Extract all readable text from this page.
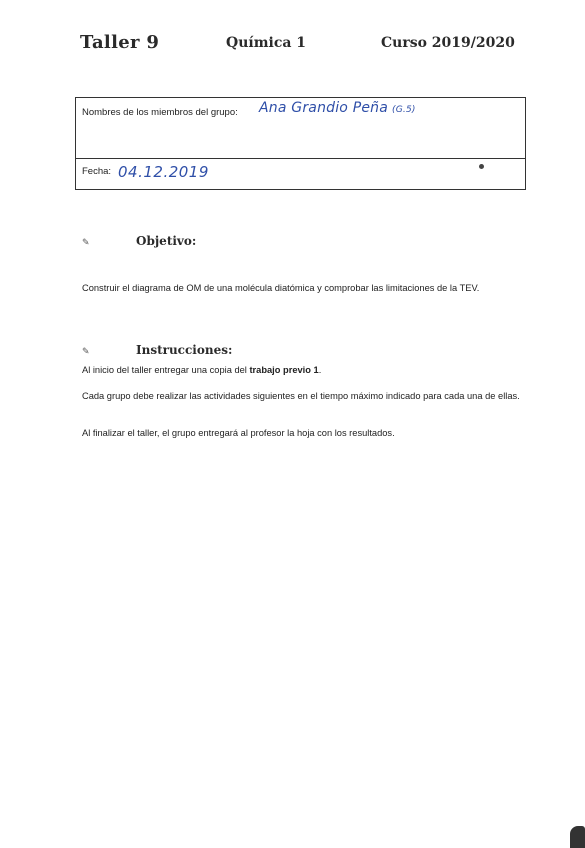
Taller 9	Química 1	Curso 2019/2020
Nombres de los miembros del grupo: Ana Grandio Peña (G.5)
Fecha: 04.12.2019
✎	Objetivo:
Construir el diagrama de OM de una molécula diatómica y comprobar las limitaciones de la TEV.
✎	Instrucciones:
Al inicio del taller entregar una copia del trabajo previo 1.
Cada grupo debe realizar las actividades siguientes en el tiempo máximo indicado para cada una de ellas.
Al finalizar el taller, el grupo entregará al profesor la hoja con los resultados.
